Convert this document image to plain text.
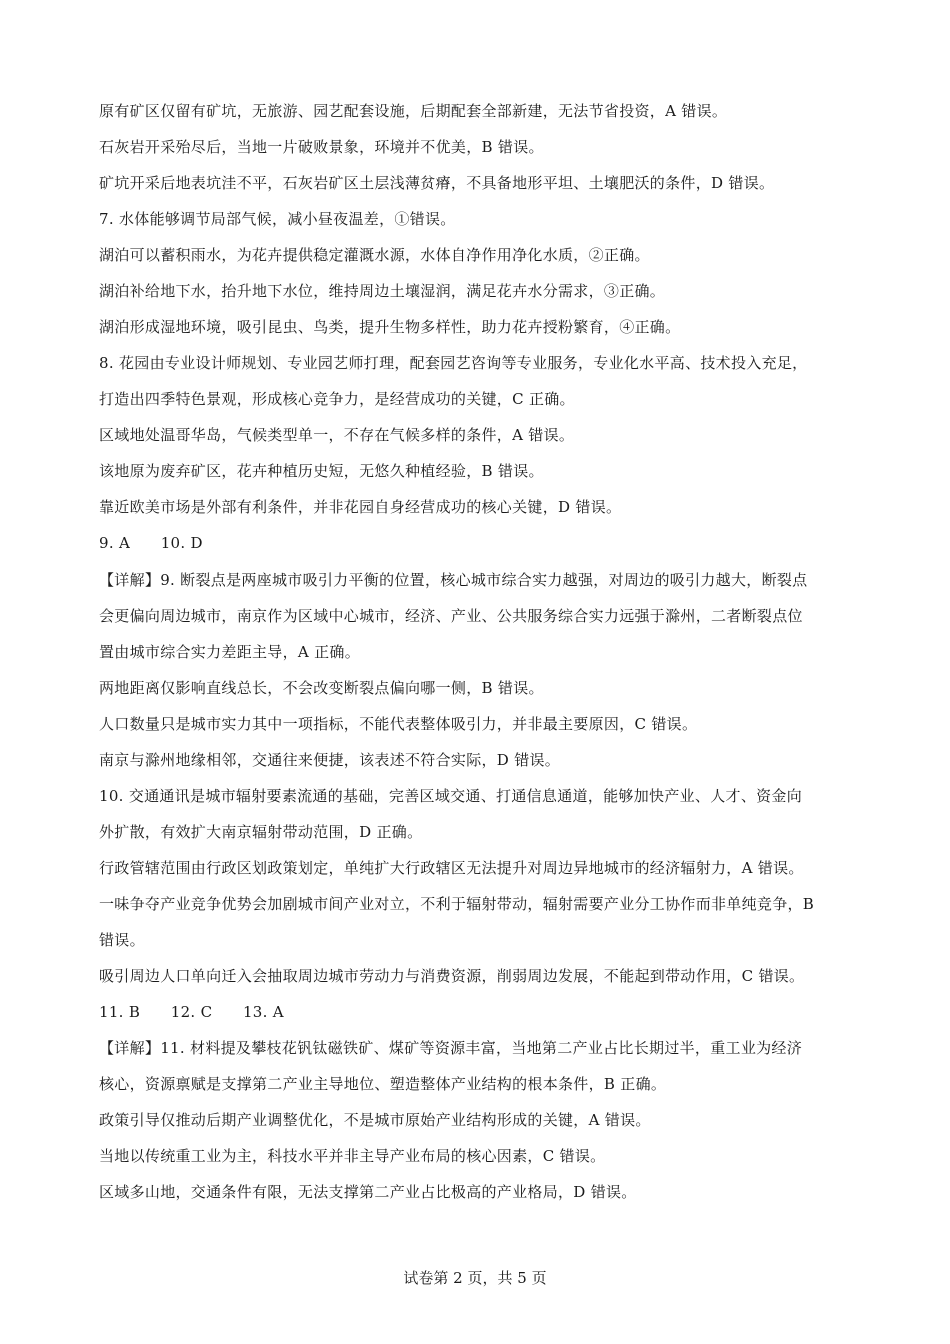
原有矿区仅留有矿坑，无旅游、园艺配套设施，后期配套全部新建，无法节省投资，A 错误。
石灰岩开采殆尽后，当地一片破败景象，环境并不优美，B 错误。
矿坑开采后地表坑洼不平，石灰岩矿区土层浅薄贫瘠，不具备地形平坦、土壤肥沃的条件，D 错误。
7. 水体能够调节局部气候，减小昼夜温差，①错误。
湖泊可以蓄积雨水，为花卉提供稳定灌溉水源，水体自净作用净化水质，②正确。
湖泊补给地下水，抬升地下水位，维持周边土壤湿润，满足花卉水分需求，③正确。
湖泊形成湿地环境，吸引昆虫、鸟类，提升生物多样性，助力花卉授粉繁育，④正确。
8. 花园由专业设计师规划、专业园艺师打理，配套园艺咨询等专业服务，专业化水平高、技术投入充足，
打造出四季特色景观，形成核心竞争力，是经营成功的关键，C 正确。
区域地处温哥华岛，气候类型单一，不存在气候多样的条件，A 错误。
该地原为废弃矿区，花卉种植历史短，无悠久种植经验，B 错误。
靠近欧美市场是外部有利条件，并非花园自身经营成功的核心关键，D 错误。
9. A　　10. D
【详解】9. 断裂点是两座城市吸引力平衡的位置，核心城市综合实力越强，对周边的吸引力越大，断裂点
会更偏向周边城市，南京作为区域中心城市，经济、产业、公共服务综合实力远强于滁州，二者断裂点位
置由城市综合实力差距主导，A 正确。
两地距离仅影响直线总长，不会改变断裂点偏向哪一侧，B 错误。
人口数量只是城市实力其中一项指标，不能代表整体吸引力，并非最主要原因，C 错误。
南京与滁州地缘相邻，交通往来便捷，该表述不符合实际，D 错误。
10. 交通通讯是城市辐射要素流通的基础，完善区域交通、打通信息通道，能够加快产业、人才、资金向
外扩散，有效扩大南京辐射带动范围，D 正确。
行政管辖范围由行政区划政策划定，单纯扩大行政辖区无法提升对周边异地城市的经济辐射力，A 错误。
一味争夺产业竞争优势会加剧城市间产业对立，不利于辐射带动，辐射需要产业分工协作而非单纯竞争，B
错误。
吸引周边人口单向迁入会抽取周边城市劳动力与消费资源，削弱周边发展，不能起到带动作用，C 错误。
11. B　　12. C　　13. A
【详解】11. 材料提及攀枝花钒钛磁铁矿、煤矿等资源丰富，当地第二产业占比长期过半，重工业为经济
核心，资源禀赋是支撑第二产业主导地位、塑造整体产业结构的根本条件，B 正确。
政策引导仅推动后期产业调整优化，不是城市原始产业结构形成的关键，A 错误。
当地以传统重工业为主，科技水平并非主导产业布局的核心因素，C 错误。
区域多山地，交通条件有限，无法支撑第二产业占比极高的产业格局，D 错误。
试卷第 2 页，共 5 页
